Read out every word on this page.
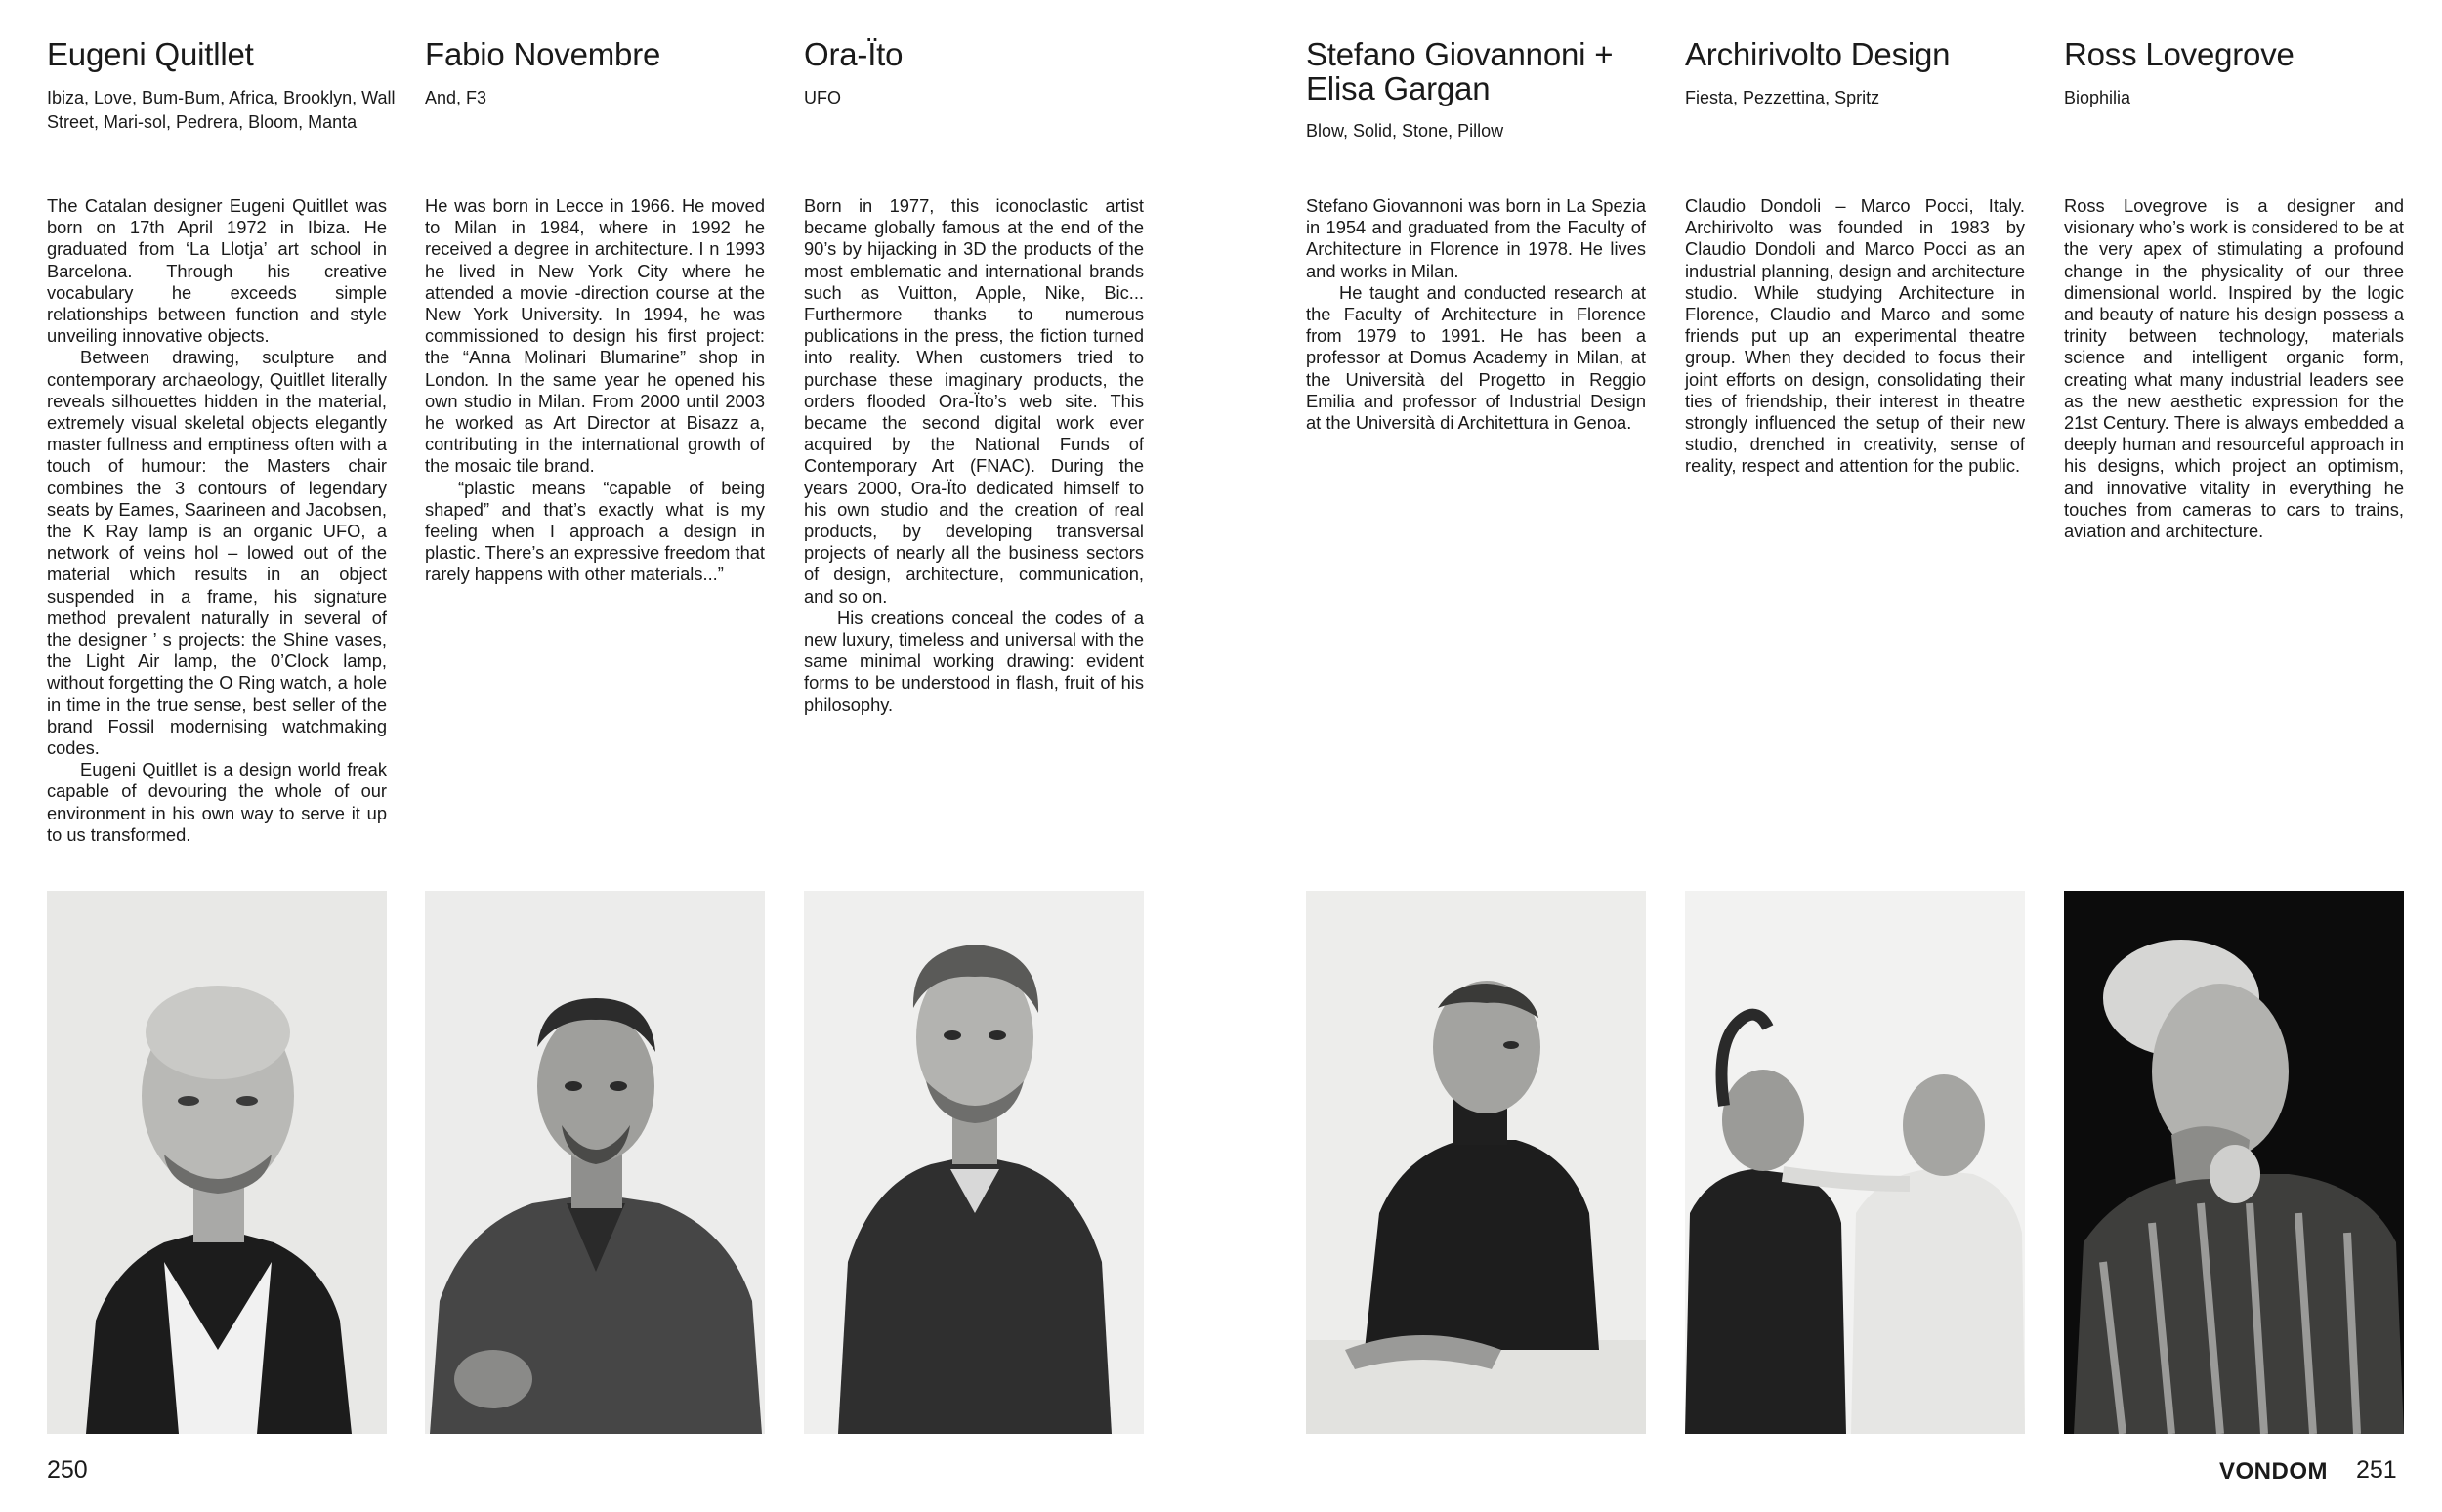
Eugeni Quitllet

Ibiza, Love, Bum-Bum, Africa, Brooklyn, Wall Street, Mari-sol, Pedrera, Bloom, Manta

The Catalan designer Eugeni Quitllet was born on 17th April 1972 in Ibiza. He graduated from ‘La Llotja’ art school in Barcelona. Through his creative vocabulary he exceeds simple relationships between function and style unveiling innovative objects.

Between drawing, sculpture and contemporary archaeology, Quitllet literally reveals silhouettes hidden in the material, extremely visual skeletal objects elegantly master fullness and emptiness often with a touch of humour: the Masters chair combines the 3 contours of legendary seats by Eames, Saarineen and Jacobsen, the K Ray lamp is an organic UFO, a network of veins hol – lowed out of the material which results in an object suspended in a frame, his signature method prevalent naturally in several of the designer ’ s projects: the Shine vases, the Light Air lamp, the 0’Clock lamp, without forgetting the O Ring watch, a hole in time in the true sense, best seller of the brand Fossil modernising watchmaking codes.

Eugeni Quitllet is a design world freak capable of devouring the whole of our environment in his own way to serve it up to us transformed.

Fabio Novembre

And, F3

He was born in Lecce in 1966. He moved to Milan in 1984, where in 1992 he received a degree in architecture. I n 1993 he lived in New York City where he attended a movie -direction course at the New York University. In 1994, he was commissioned to design his first project: the “Anna Molinari Blumarine” shop in London. In the same year he opened his own studio in Milan. From 2000 until 2003 he worked as Art Director at Bisazz a, contributing in the international growth of the mosaic tile brand.

“plastic means “capable of being shaped” and that’s exactly what is my feeling when I approach a design in plastic. There’s an expressive freedom that rarely happens with other materials...”

Ora-Ïto

UFO

Born in 1977, this iconoclastic artist became globally famous at the end of the 90’s by hijacking in 3D the products of the most emblematic and international brands such as Vuitton, Apple, Nike, Bic... Furthermore thanks to numerous publications in the press, the fiction turned into reality. When customers tried to purchase these imaginary products, the orders flooded Ora-Ïto’s web site. This became the second digital work ever acquired by the National Funds of Contemporary Art (FNAC). During the years 2000, Ora-Ïto dedicated himself to his own studio and the creation of real products, by developing transversal projects of nearly all the business sectors of design, architecture, communication, and so on.

His creations conceal the codes of a new luxury, timeless and universal with the same minimal working drawing: evident forms to be understood in flash, fruit of his philosophy.

Stefano Giovannoni + Elisa Gargan

Blow, Solid, Stone, Pillow

Stefano Giovannoni was born in La Spezia in 1954 and graduated from the Faculty of Architecture in Florence in 1978. He lives and works in Milan.

He taught and conducted research at the Faculty of Architecture in Florence from 1979 to 1991. He has been a professor at Domus Academy in Milan, at the Università del Progetto in Reggio Emilia and professor of Industrial Design at the Università di Architettura in Genoa.

Archirivolto Design

Fiesta, Pezzettina, Spritz

Claudio Dondoli – Marco Pocci, Italy. Archirivolto was founded in 1983 by Claudio Dondoli and Marco Pocci as an industrial planning, design and architecture studio. While studying Architecture in Florence, Claudio and Marco and some friends put up an experimental theatre group. When they decided to focus their joint efforts on design, consolidating their ties of friendship, their interest in theatre strongly influenced the setup of their new studio, drenched in creativity, sense of reality, respect and attention for the public.

Ross Lovegrove

Biophilia

Ross Lovegrove is a designer and visionary who’s work is considered to be at the very apex of stimulating a profound change in the physicality of our three dimensional world. Inspired by the logic and beauty of nature his design possess a trinity between technology, materials science and intelligent organic form, creating what many industrial leaders see as the new aesthetic expression for the 21st Century. There is always embedded a deeply human and resourceful approach in his designs, which project an optimism, and innovative vitality in everything he touches from cameras to cars to trains, aviation and architecture.

250	VONDOM 251
